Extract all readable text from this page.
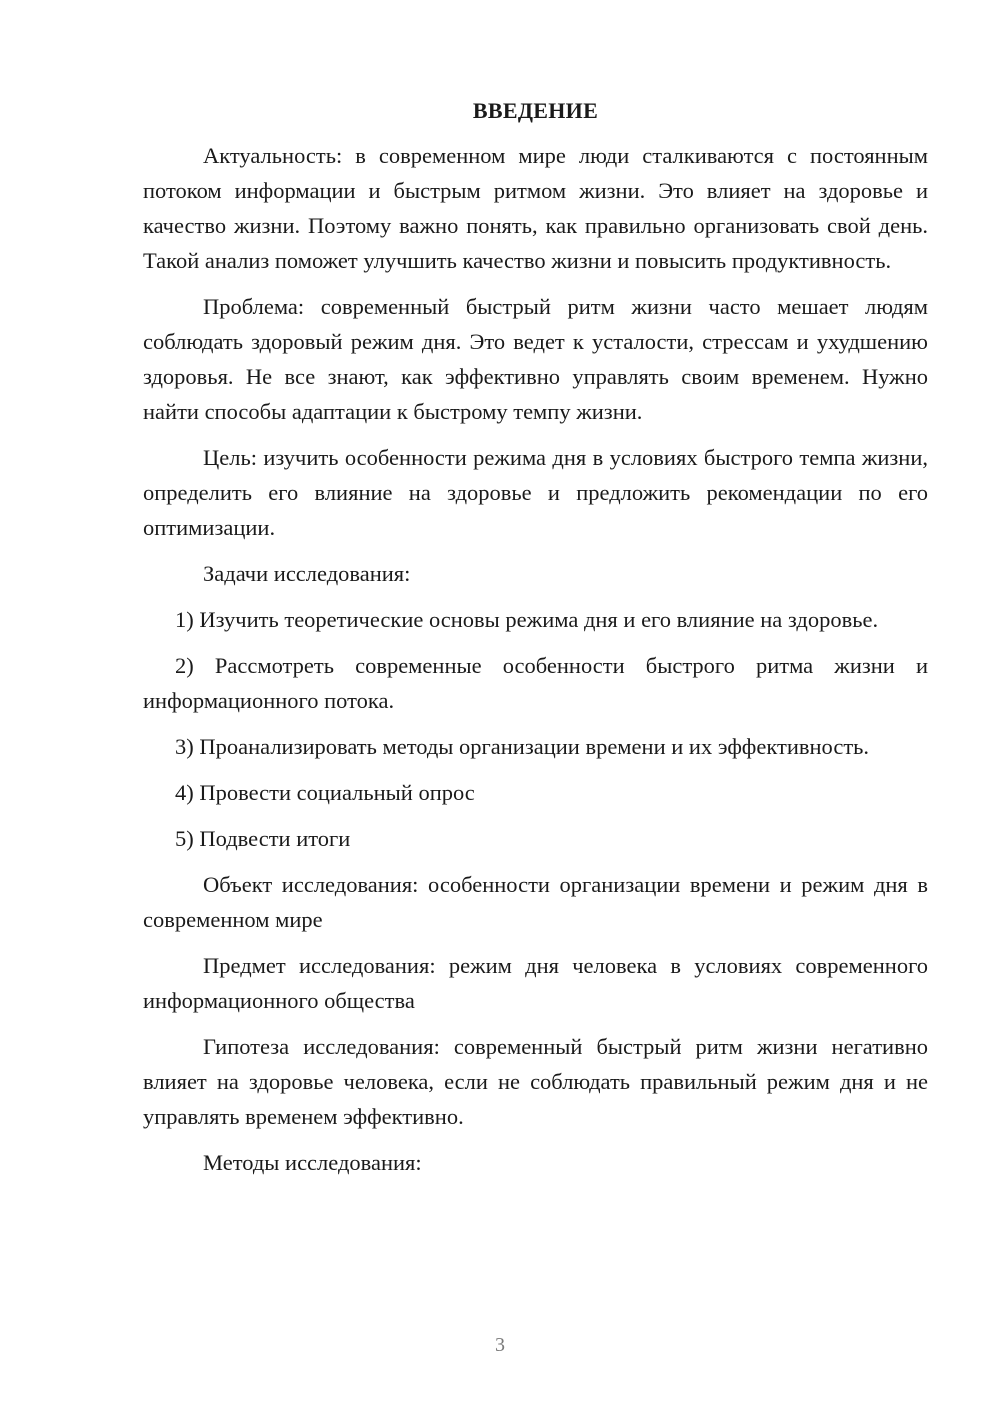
ВВЕДЕНИЕ

Актуальность: в современном мире люди сталкиваются с постоянным потоком информации и быстрым ритмом жизни. Это влияет на здоровье и качество жизни. Поэтому важно понять, как правильно организовать свой день. Такой анализ поможет улучшить качество жизни и повысить продуктивность.

Проблема: современный быстрый ритм жизни часто мешает людям соблюдать здоровый режим дня. Это ведет к усталости, стрессам и ухудшению здоровья. Не все знают, как эффективно управлять своим временем. Нужно найти способы адаптации к быстрому темпу жизни.

Цель: изучить особенности режима дня в условиях быстрого темпа жизни, определить его влияние на здоровье и предложить рекомендации по его оптимизации.

Задачи исследования:

1) Изучить теоретические основы режима дня и его влияние на здоровье.

2) Рассмотреть современные особенности быстрого ритма жизни и информационного потока.

3) Проанализировать методы организации времени и их эффективность.

4) Провести социальный опрос

5) Подвести итоги

Объект исследования: особенности организации времени и режим дня в современном мире

Предмет исследования: режим дня человека в условиях современного информационного общества

Гипотеза исследования: современный быстрый ритм жизни негативно влияет на здоровье человека, если не соблюдать правильный режим дня и не управлять временем эффективно.

Методы исследования:

3
